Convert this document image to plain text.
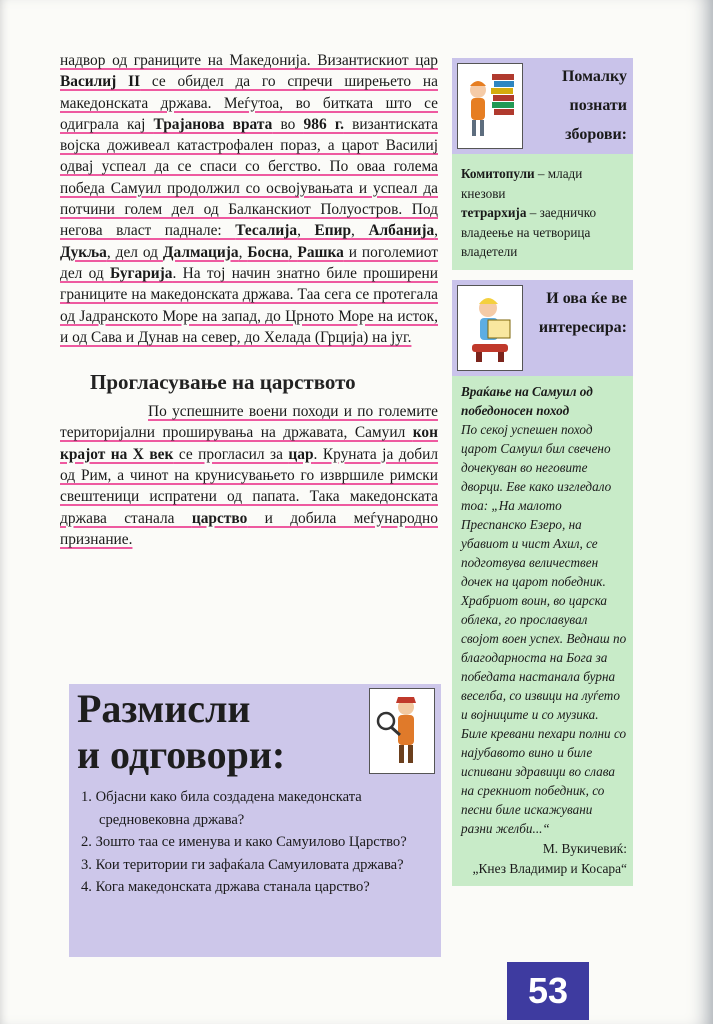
надвор од границите на Македонија. Византискиот цар Василиј II се обидел да го спречи ширењето на македонската држава. Меѓутоа, во битката што се одиграла кај Трајанова врата во 986 г. византиската војска доживеал катастрофален пораз, а царот Василиј одвај успеал да се спаси со бегство. По оваа голема победа Самуил продолжил со освојувањата и успеал да потчини голем дел од Балканскиот Полуостров. Под негова власт паднале: Тесалија, Епир, Албанија, Дукља, дел од Далмација, Босна, Рашка и поголемиот дел од Бугарија. На тој начин знатно биле проширени границите на македонската држава. Таа сега се протегала од Јадранското Море на запад, до Црното Море на исток, и од Сава и Дунав на север, до Хелада (Грција) на југ.

Прогласување на царството

По успешните воени походи и по големите територијални проширувања на државата, Самуил кон крајот на X век се прогласил за цар. Круната ја добил од Рим, а чинот на крунисувањето го извршиле римски свештеници испратени од папата. Така македонската држава станала царство и добила меѓународно признание.

Размисли
и одговори:
1. Објасни како била создадена македонската средновековна држава?
2. Зошто таа се именува и како Самуилово Царство?
3. Кои територии ги зафаќала Самуиловата држава?
4. Кога македонската држава станала царство?
Помалку познати зборови:
Комитопули – млади кнезови
тетрархија – заедничко владеење на четворица владетели
И ова ќе ве интересира:
Враќање на Самуил од победоносен поход
По секој успешен поход царот Самуил бил свечено дочекуван во неговите дворци. Еве како изгледало тоа: „На малото Преспанско Езеро, на убавиот и чист Ахил, се подготвува величествен дочек на царот победник. Храбриот воин, во царска облека, го прославувал својот воен успех. Веднаш по благодарноста на Бога за победата настанала бурна веселба, со извици на луѓето и војниците и со музика. Биле кревани пехари полни со најубавото вино и биле испивани здравици во слава на срекниот победник, со песни биле искажувани разни желби...“
М. Вукичевиќ:
„Кнез Владимир и Косара“
53
